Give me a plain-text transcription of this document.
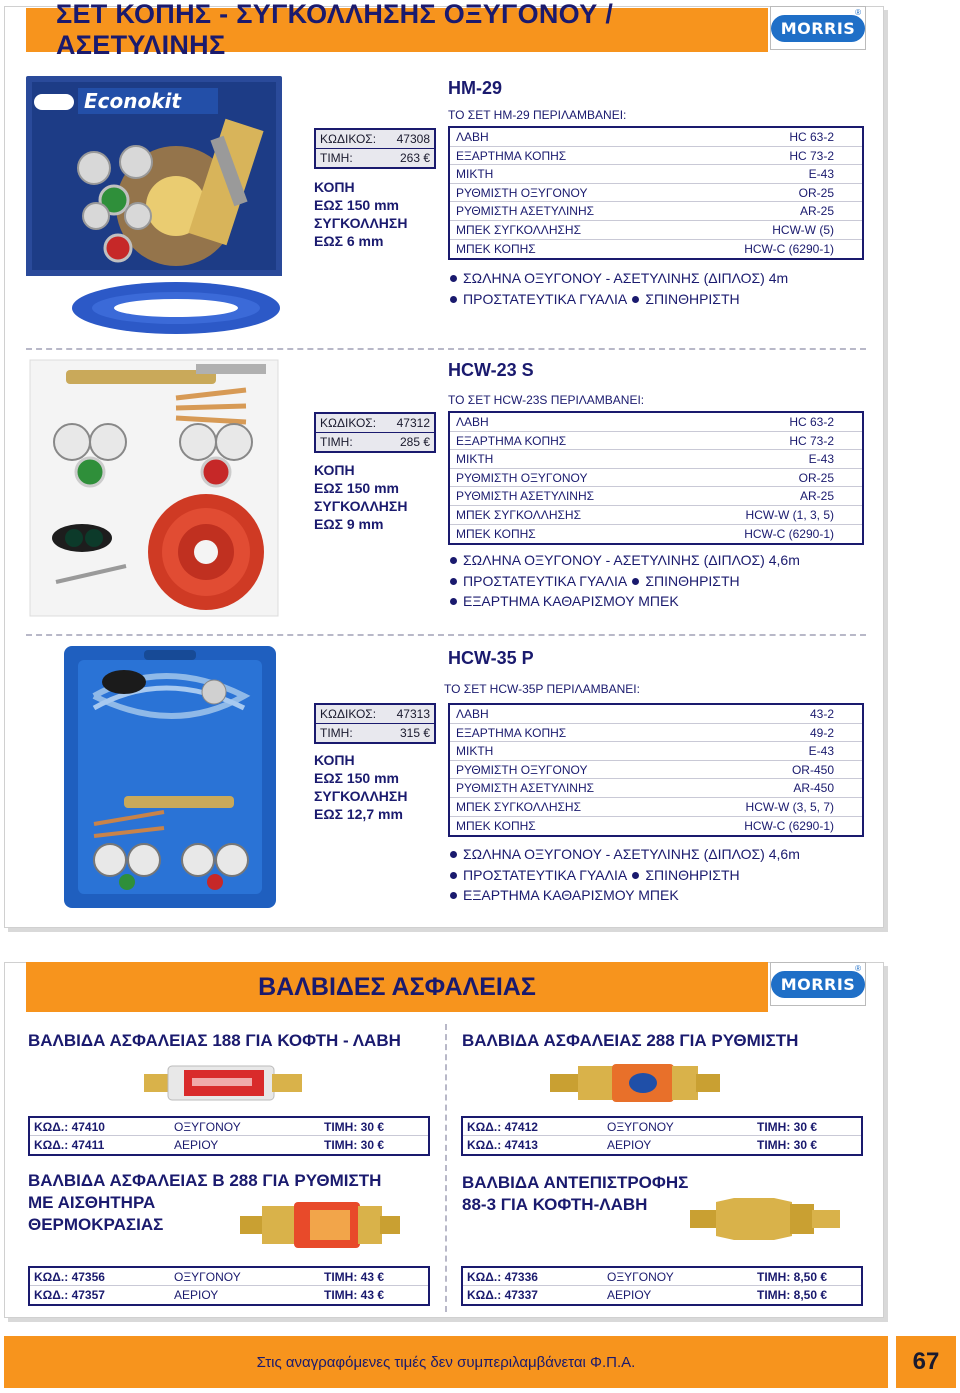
ΣΕΤ ΚΟΠΗΣ - ΣΥΓΚΟΛΛΗΣΗΣ ΟΞΥΓΟΝΟΥ / ΑΣΕΤΥΛΙΝΗΣ
MORRIS
®
Econokit
ΚΩΔΙΚΟΣ: 47308
ΤΙΜΗ:	263 €
ΚΟΠΗ
ΕΩΣ 150 mm
ΣΥΓΚΟΛΛΗΣΗ
ΕΩΣ 6 mm
HM-29
ΤΟ ΣΕΤ HM-29 ΠΕΡΙΛΑΜΒΑΝΕΙ:
ΛΑΒΗ	HC 63-2
ΕΞΑΡΤΗΜΑ ΚΟΠΗΣ	HC 73-2
ΜΙΚΤΗ	E-43
ΡΥΘΜΙΣΤΗ ΟΞΥΓΟΝΟΥ	OR-25
ΡΥΘΜΙΣΤΗ ΑΣΕΤΥΛΙΝΗΣ	AR-25
ΜΠΕΚ ΣΥΓΚΟΛΛΗΣΗΣ	HCW-W (5)
ΜΠΕΚ ΚΟΠΗΣ	HCW-C (6290-1)
ΣΩΛΗΝΑ ΟΞΥΓΟΝΟΥ - ΑΣΕΤΥΛΙΝΗΣ (ΔΙΠΛΟΣ) 4m
ΠΡΟΣΤΑΤΕΥΤΙΚΑ ΓΥΑΛΙΑ ΣΠΙΝΘΗΡΙΣΤΗ
ΚΩΔΙΚΟΣ: 47312
ΤΙΜΗ:	285 €
ΚΟΠΗ
ΕΩΣ 150 mm
ΣΥΓΚΟΛΛΗΣΗ
ΕΩΣ 9 mm
HCW-23 S
ΤΟ ΣΕΤ HCW-23S ΠΕΡΙΛΑΜΒΑΝΕΙ:
ΛΑΒΗ	HC 63-2
ΕΞΑΡΤΗΜΑ ΚΟΠΗΣ	HC 73-2
ΜΙΚΤΗ	E-43
ΡΥΘΜΙΣΤΗ ΟΞΥΓΟΝΟΥ	OR-25
ΡΥΘΜΙΣΤΗ ΑΣΕΤΥΛΙΝΗΣ	AR-25
ΜΠΕΚ ΣΥΓΚΟΛΛΗΣΗΣ	HCW-W (1, 3, 5)
ΜΠΕΚ ΚΟΠΗΣ	HCW-C (6290-1)
ΣΩΛΗΝΑ ΟΞΥΓΟΝΟΥ - ΑΣΕΤΥΛΙΝΗΣ (ΔΙΠΛΟΣ) 4,6m
ΠΡΟΣΤΑΤΕΥΤΙΚΑ ΓΥΑΛΙΑ ΣΠΙΝΘΗΡΙΣΤΗ
ΕΞΑΡΤΗΜΑ ΚΑΘΑΡΙΣΜΟΥ ΜΠΕΚ
ΚΩΔΙΚΟΣ: 47313
ΤΙΜΗ:	315 €
ΚΟΠΗ
ΕΩΣ 150 mm
ΣΥΓΚΟΛΛΗΣΗ
ΕΩΣ 12,7 mm
HCW-35 P
ΤΟ ΣΕΤ HCW-35P ΠΕΡΙΛΑΜΒΑΝΕΙ:
ΛΑΒΗ	43-2
ΕΞΑΡΤΗΜΑ ΚΟΠΗΣ	49-2
ΜΙΚΤΗ	E-43
ΡΥΘΜΙΣΤΗ ΟΞΥΓΟΝΟΥ	OR-450
ΡΥΘΜΙΣΤΗ ΑΣΕΤΥΛΙΝΗΣ	AR-450
ΜΠΕΚ ΣΥΓΚΟΛΛΗΣΗΣ	HCW-W (3, 5, 7)
ΜΠΕΚ ΚΟΠΗΣ	HCW-C (6290-1)
ΣΩΛΗΝΑ ΟΞΥΓΟΝΟΥ - ΑΣΕΤΥΛΙΝΗΣ (ΔΙΠΛΟΣ) 4,6m
ΠΡΟΣΤΑΤΕΥΤΙΚΑ ΓΥΑΛΙΑ ΣΠΙΝΘΗΡΙΣΤΗ
ΕΞΑΡΤΗΜΑ ΚΑΘΑΡΙΣΜΟΥ ΜΠΕΚ
ΒΑΛΒΙΔΕΣ ΑΣΦΑΛΕΙΑΣ	MORRIS
®
ΒΑΛΒΙΔΑ ΑΣΦΑΛΕΙΑΣ 188 ΓΙΑ ΚΟΦΤΗ - ΛΑΒΗ
ΚΩΔ.: 47410	ΟΞΥΓΟΝΟΥ	ΤΙΜΗ: 30 €
ΚΩΔ.: 47411	ΑΕΡΙΟΥ	ΤΙΜΗ: 30 €
ΒΑΛΒΙΔΑ ΑΣΦΑΛΕΙΑΣ 288 ΓΙΑ ΡΥΘΜΙΣΤΗ
ΚΩΔ.: 47412	ΟΞΥΓΟΝΟΥ	ΤΙΜΗ: 30 €
ΚΩΔ.: 47413	ΑΕΡΙΟΥ	ΤΙΜΗ: 30 €
ΒΑΛΒΙΔΑ ΑΣΦΑΛΕΙΑΣ B 288 ΓΙΑ ΡΥΘΜΙΣΤΗ
ΜΕ ΑΙΣΘΗΤΗΡΑ
ΘΕΡΜΟΚΡΑΣΙΑΣ
ΚΩΔ.: 47356	ΟΞΥΓΟΝΟΥ	ΤΙΜΗ: 43 €
ΚΩΔ.: 47357	ΑΕΡΙΟΥ	ΤΙΜΗ: 43 €
ΒΑΛΒΙΔΑ ΑΝΤΕΠΙΣΤΡΟΦΗΣ
88-3 ΓΙΑ ΚΟΦΤΗ-ΛΑΒΗ
ΚΩΔ.: 47336	ΟΞΥΓΟΝΟΥ	ΤΙΜΗ: 8,50 €
ΚΩΔ.: 47337	ΑΕΡΙΟΥ	ΤΙΜΗ: 8,50 €
Στις αναγραφόμενες τιμές δεν συμπεριλαμβάνεται Φ.Π.Α.	67
